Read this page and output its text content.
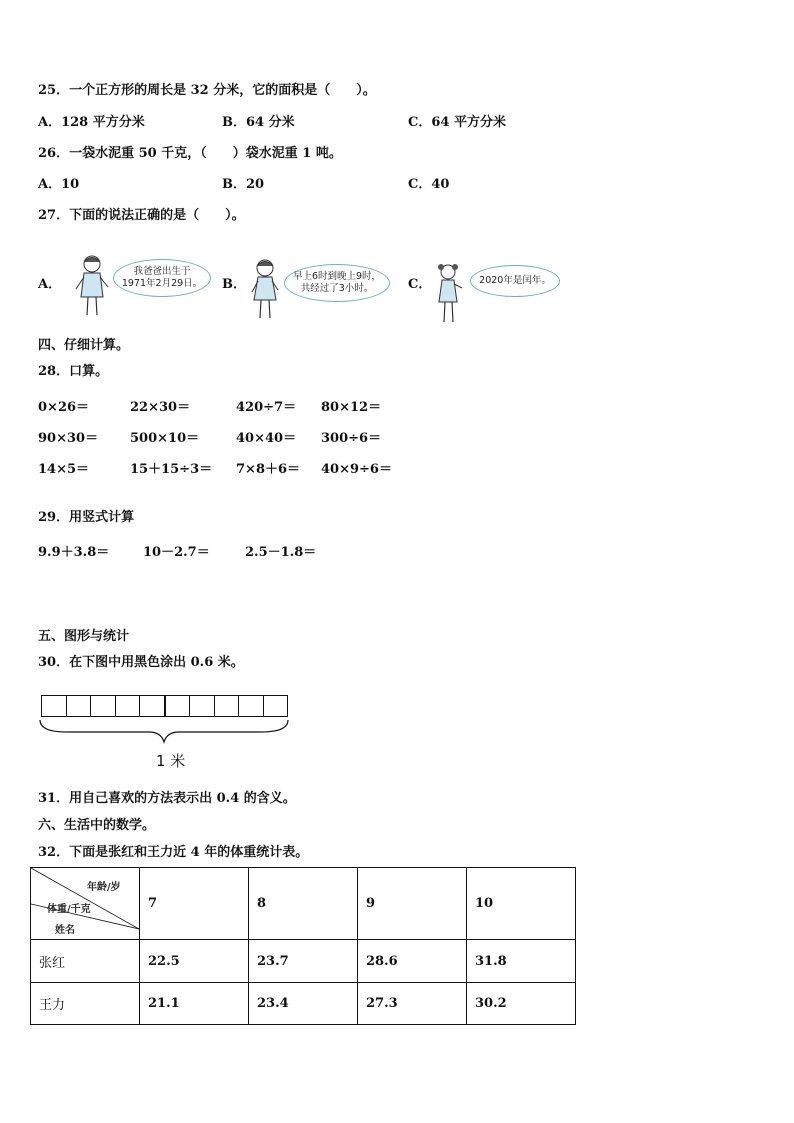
25．一个正方形的周长是 32 分米，它的面积是（　　）。
A．128 平方分米	B．64 分米	C．64 平方分米
26．一袋水泥重 50 千克，（　　）袋水泥重 1 吨。
A．10	B．20	C．40
27．下面的说法正确的是（　　）。
A．
我爸爸出生于
1971年2月29日。 B．
早上6时到晚上9时，
共经过了3小时。	C．	2020年是闰年。
四、仔细计算。
28．口算。
0×26＝	22×30＝	420÷7＝ 80×12＝
90×30＝ 500×10＝	40×40＝ 300÷6＝
14×5＝	15＋15÷3＝ 7×8＋6＝ 40×9÷6＝
29．用竖式计算
9.9＋3.8＝	10－2.7＝	2.5－1.8＝
五、图形与统计
30．在下图中用黑色涂出 0.6 米。
1 米
31．用自己喜欢的方法表示出 0.4 的含义。
六、生活中的数学。
32．下面是张红和王力近 4 年的体重统计表。
年龄/岁
体重/千克
姓名	7	8	9	10
张红	22.5	23.7	28.6	31.8
王力	21.1	23.4	27.3	30.2
